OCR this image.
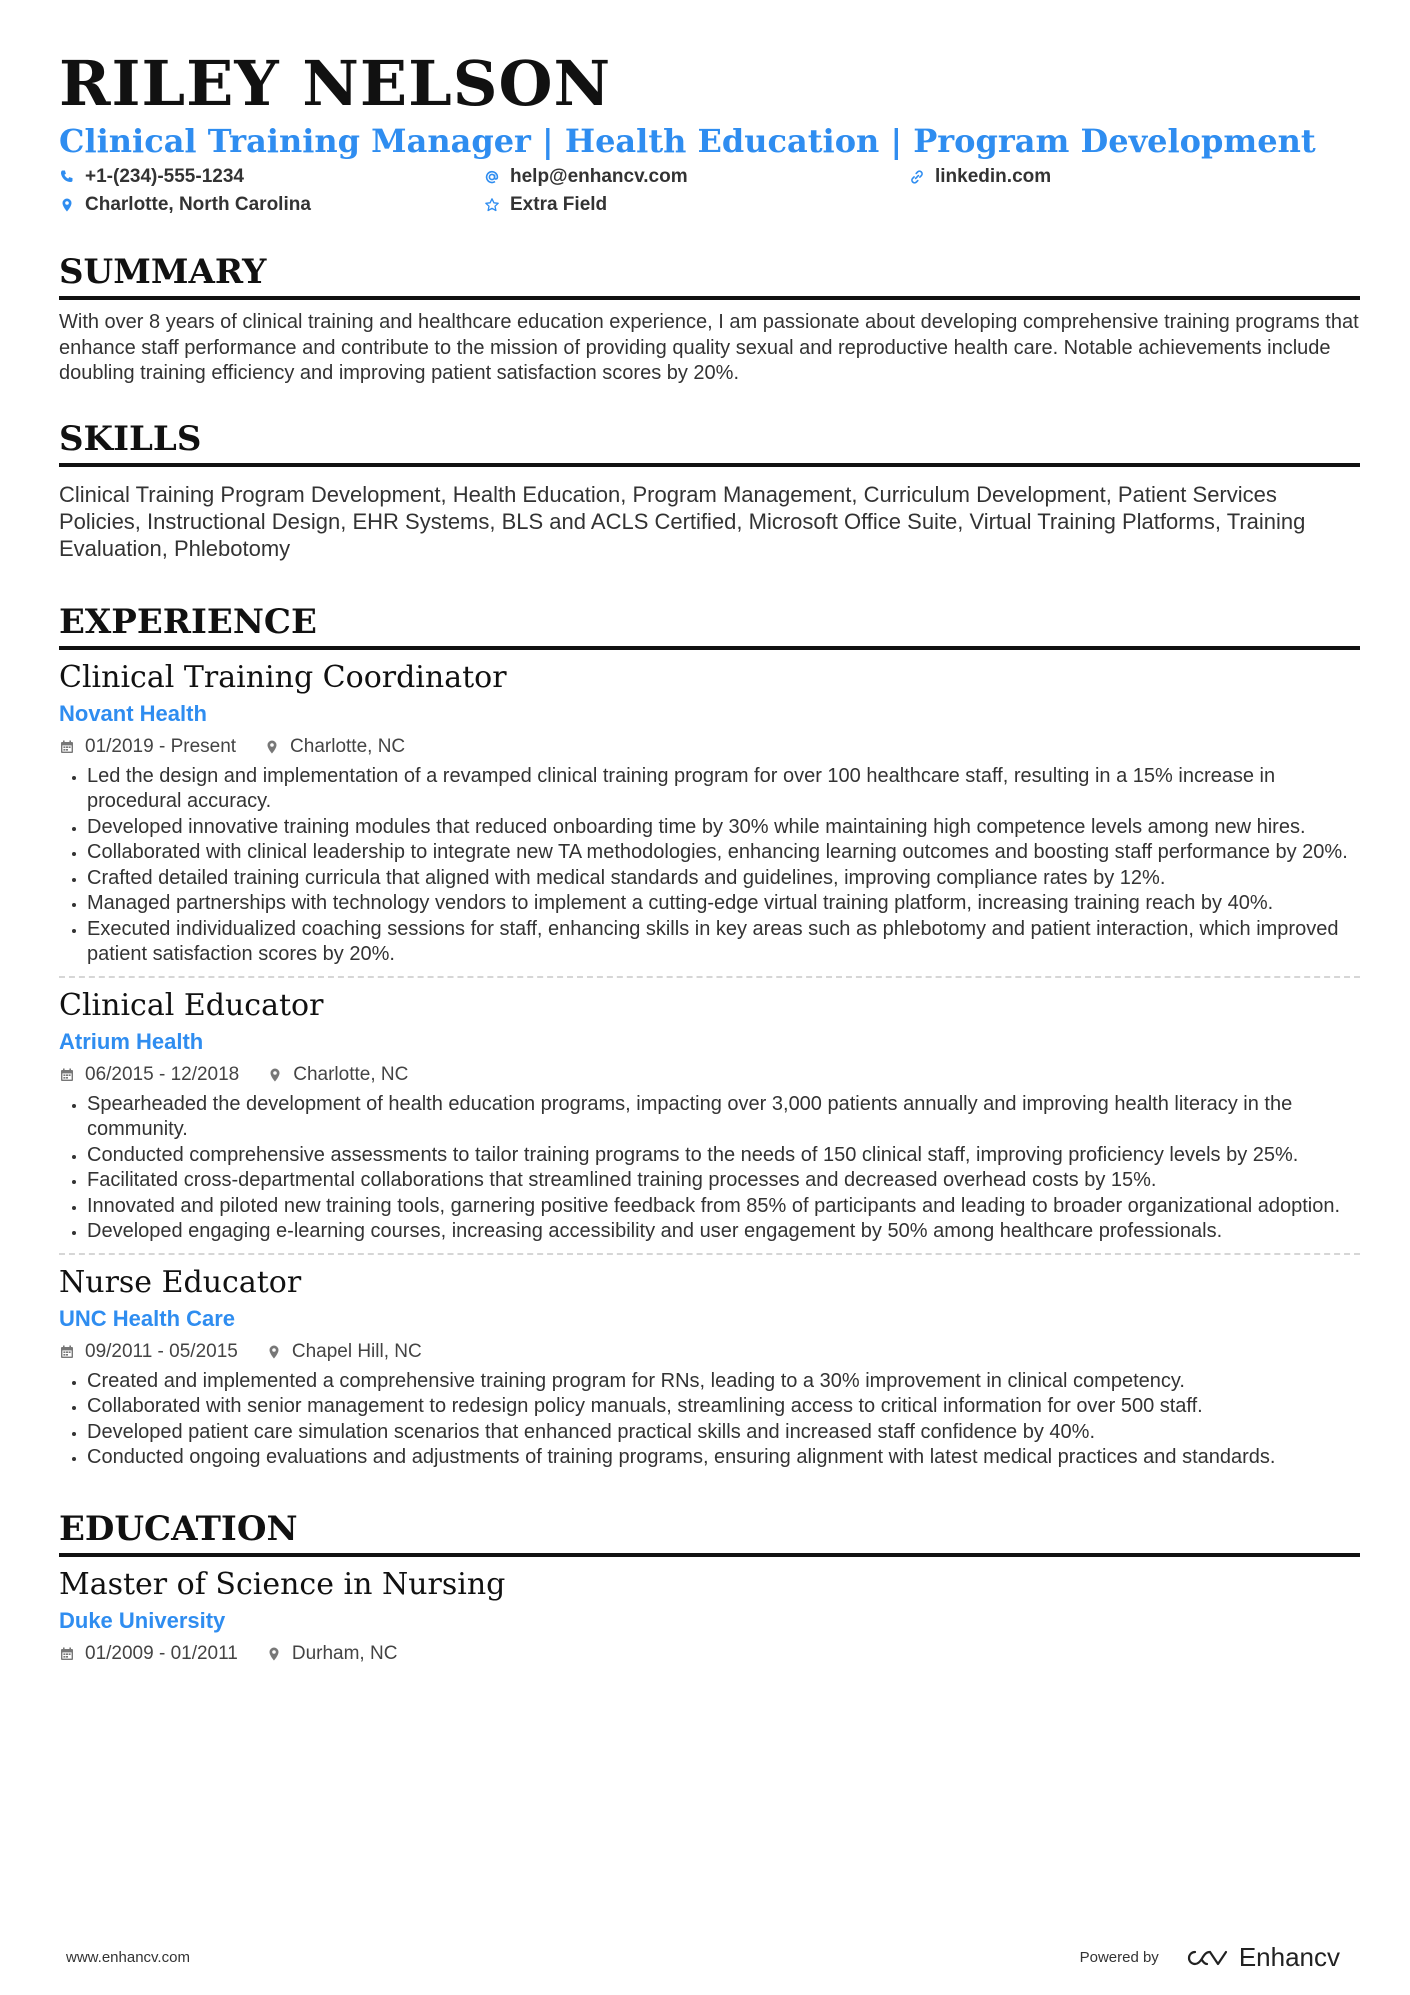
RILEY NELSON
Clinical Training Manager | Health Education | Program Development
+1-(234)-555-1234	help@enhancv.com	linkedin.com
Charlotte, North Carolina	Extra Field
SUMMARY
With over 8 years of clinical training and healthcare education experience, I am passionate about developing comprehensive training programs that enhance staff performance and contribute to the mission of providing quality sexual and reproductive health care. Notable achievements include doubling training efficiency and improving patient satisfaction scores by 20%.
SKILLS
Clinical Training Program Development, Health Education, Program Management, Curriculum Development, Patient Services Policies, Instructional Design, EHR Systems, BLS and ACLS Certified, Microsoft Office Suite, Virtual Training Platforms, Training Evaluation, Phlebotomy
EXPERIENCE
Clinical Training Coordinator
Novant Health
01/2019 - Present	Charlotte, NC
• Led the design and implementation of a revamped clinical training program for over 100 healthcare staff, resulting in a 15% increase in procedural accuracy.
• Developed innovative training modules that reduced onboarding time by 30% while maintaining high competence levels among new hires.
• Collaborated with clinical leadership to integrate new TA methodologies, enhancing learning outcomes and boosting staff performance by 20%.
• Crafted detailed training curricula that aligned with medical standards and guidelines, improving compliance rates by 12%.
• Managed partnerships with technology vendors to implement a cutting-edge virtual training platform, increasing training reach by 40%.
• Executed individualized coaching sessions for staff, enhancing skills in key areas such as phlebotomy and patient interaction, which improved patient satisfaction scores by 20%.
Clinical Educator
Atrium Health
06/2015 - 12/2018	Charlotte, NC
• Spearheaded the development of health education programs, impacting over 3,000 patients annually and improving health literacy in the community.
• Conducted comprehensive assessments to tailor training programs to the needs of 150 clinical staff, improving proficiency levels by 25%.
• Facilitated cross-departmental collaborations that streamlined training processes and decreased overhead costs by 15%.
• Innovated and piloted new training tools, garnering positive feedback from 85% of participants and leading to broader organizational adoption.
• Developed engaging e-learning courses, increasing accessibility and user engagement by 50% among healthcare professionals.
Nurse Educator
UNC Health Care
09/2011 - 05/2015	Chapel Hill, NC
• Created and implemented a comprehensive training program for RNs, leading to a 30% improvement in clinical competency.
• Collaborated with senior management to redesign policy manuals, streamlining access to critical information for over 500 staff.
• Developed patient care simulation scenarios that enhanced practical skills and increased staff confidence by 40%.
• Conducted ongoing evaluations and adjustments of training programs, ensuring alignment with latest medical practices and standards.
EDUCATION
Master of Science in Nursing
Duke University
01/2009 - 01/2011	Durham, NC
www.enhancv.com	Powered by	Enhancv
